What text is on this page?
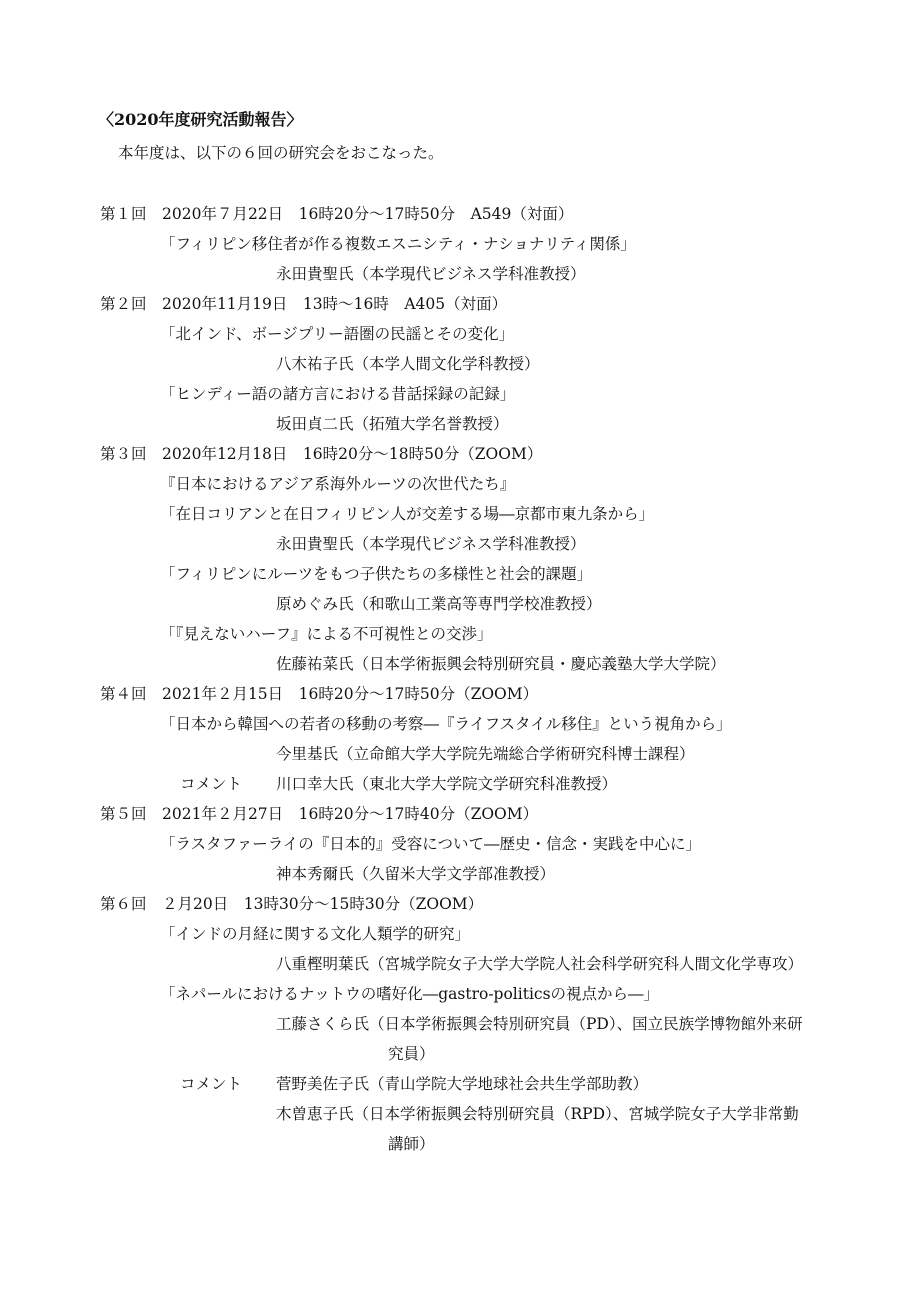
〈2020年度研究活動報告〉
本年度は、以下の６回の研究会をおこなった。
第１回 2020年７月22日　16時20分～17時50分　A549（対面）
「フィリピン移住者が作る複数エスニシティ・ナショナリティ関係」
永田貴聖氏（本学現代ビジネス学科准教授）
第２回 2020年11月19日　13時～16時　A405（対面）
「北インド、ボージプリー語圏の民謡とその変化」
八木祐子氏（本学人間文化学科教授）
「ヒンディー語の諸方言における昔話採録の記録」
坂田貞二氏（拓殖大学名誉教授）
第３回 2020年12月18日　16時20分～18時50分（ZOOM）
『日本におけるアジア系海外ルーツの次世代たち』
「在日コリアンと在日フィリピン人が交差する場―京都市東九条から」
永田貴聖氏（本学現代ビジネス学科准教授）
「フィリピンにルーツをもつ子供たちの多様性と社会的課題」
原めぐみ氏（和歌山工業高等専門学校准教授）
「『見えないハーフ』による不可視性との交渉」
佐藤祐菜氏（日本学術振興会特別研究員・慶応義塾大学大学院）
第４回 2021年２月15日　16時20分～17時50分（ZOOM）
「日本から韓国への若者の移動の考察―『ライフスタイル移住』という視角から」
今里基氏（立命館大学大学院先端総合学術研究科博士課程）
コメント 川口幸大氏（東北大学大学院文学研究科准教授）
第５回 2021年２月27日　16時20分～17時40分（ZOOM）
「ラスタファーライの『日本的』受容について―歴史・信念・実践を中心に」
神本秀爾氏（久留米大学文学部准教授）
第６回 ２月20日　13時30分～15時30分（ZOOM）
「インドの月経に関する文化人類学的研究」
八重樫明葉氏（宮城学院女子大学大学院人社会科学研究科人間文化学専攻）
「ネパールにおけるナットウの嗜好化―gastro-politicsの視点から―」
工藤さくら氏（日本学術振興会特別研究員（PD）、国立民族学博物館外来研
究員）
コメント 菅野美佐子氏（青山学院大学地球社会共生学部助教）
木曽恵子氏（日本学術振興会特別研究員（RPD）、宮城学院女子大学非常勤
講師）
